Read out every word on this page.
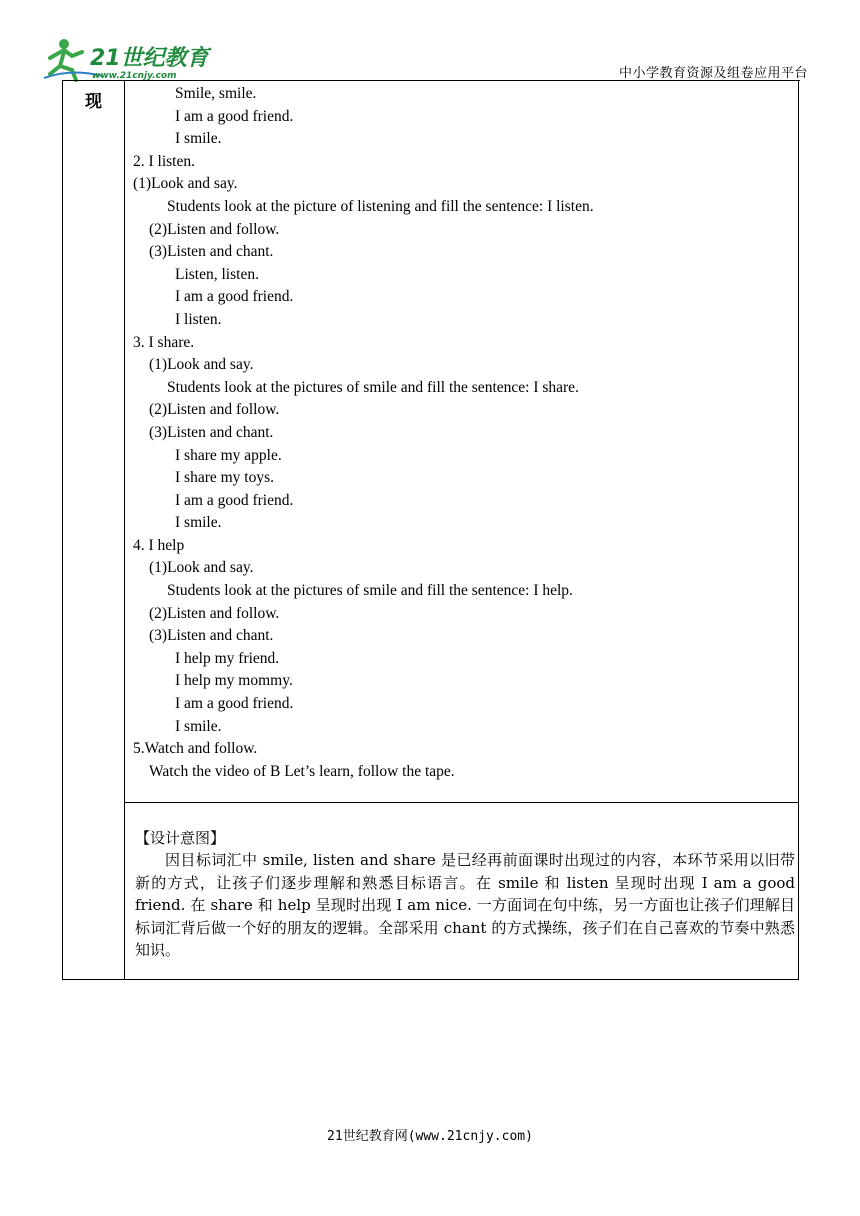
21世纪教育
www.21cnjy.com	中小学教育资源及组卷应用平台
现	Smile, smile.
I am a good friend.
I smile.
2. I listen.
(1)Look and say.
Students look at the picture of listening and fill the sentence: I listen.
(2)Listen and follow.
(3)Listen and chant.
Listen, listen.
I am a good friend.
I listen.
3. I share.
(1)Look and say.
Students look at the pictures of smile and fill the sentence: I share.
(2)Listen and follow.
(3)Listen and chant.
I share my apple.
I share my toys.
I am a good friend.
I smile.
4. I help
(1)Look and say.
Students look at the pictures of smile and fill the sentence: I help.
(2)Listen and follow.
(3)Listen and chant.
I help my friend.
I help my mommy.
I am a good friend.
I smile.
5.Watch and follow.
Watch the video of B Let’s learn, follow the tape.
【设计意图】
因目标词汇中 smile, listen and share 是已经再前面课时出现过的内容，本环节采用以旧带新的方式，让孩子们逐步理解和熟悉目标语言。在 smile 和 listen 呈现时出现 I am a good friend. 在 share 和 help 呈现时出现 I am nice. 一方面词在句中练，另一方面也让孩子们理解目标词汇背后做一个好的朋友的逻辑。全部采用 chant 的方式操练，孩子们在自己喜欢的节奏中熟悉知识。
21世纪教育网(www.21cnjy.com)
